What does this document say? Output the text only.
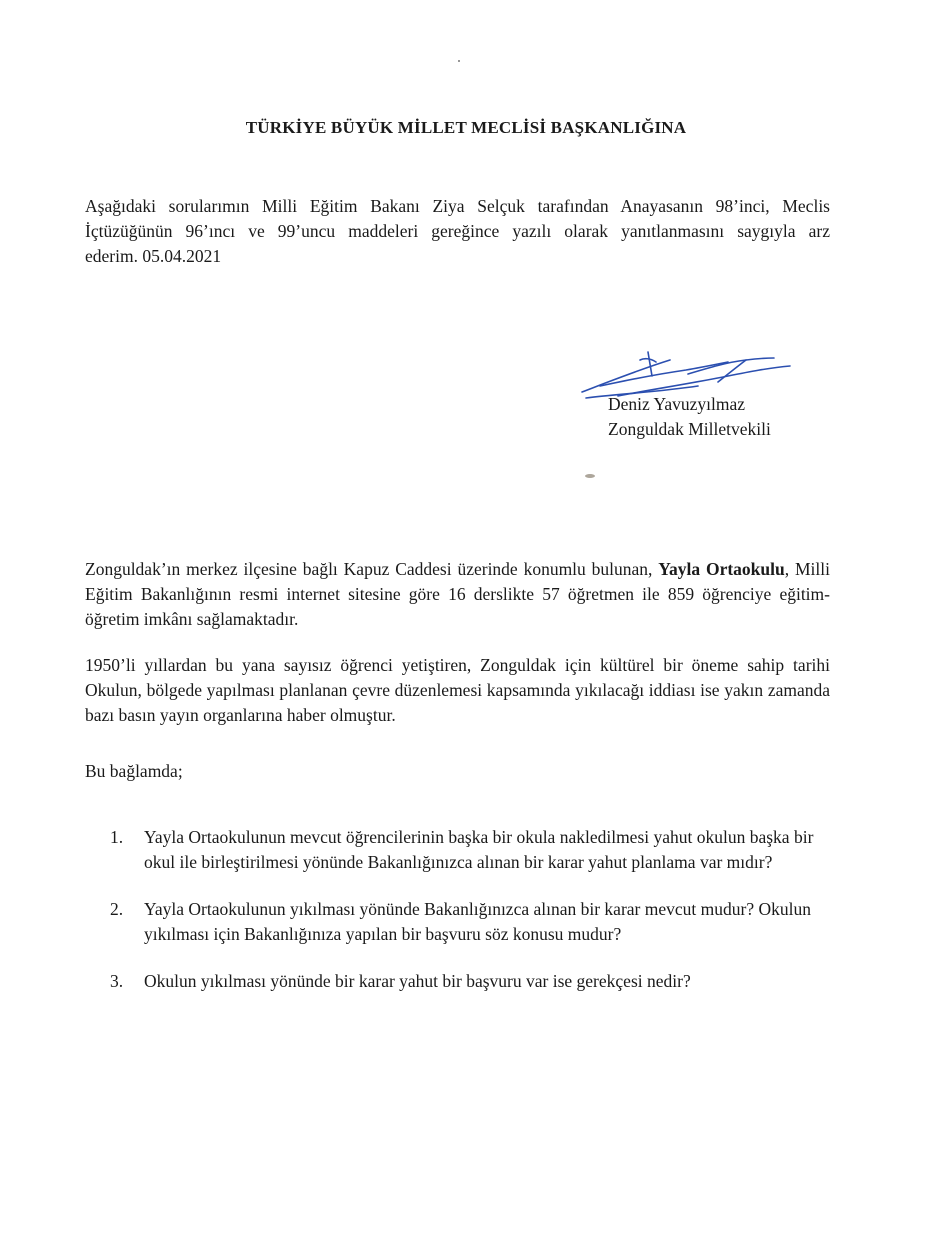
TÜRKİYE BÜYÜK MİLLET MECLİSİ BAŞKANLIĞINA
Aşağıdaki sorularımın Milli Eğitim Bakanı Ziya Selçuk tarafından Anayasanın 98’inci, Meclis
İçtüzüğünün 96’ıncı ve 99’uncu maddeleri gereğince yazılı olarak yanıtlanmasını saygıyla arz
ederim. 05.04.2021
Deniz Yavuzyılmaz
Zonguldak Milletvekili
Zonguldak’ın merkez ilçesine bağlı Kapuz Caddesi üzerinde konumlu bulunan, Yayla Ortaokulu, Milli Eğitim Bakanlığının resmi internet sitesine göre 16 derslikte 57 öğretmen ile 859 öğrenciye eğitim-öğretim imkânı sağlamaktadır.
1950’li yıllardan bu yana sayısız öğrenci yetiştiren, Zonguldak için kültürel bir öneme sahip tarihi Okulun, bölgede yapılması planlanan çevre düzenlemesi kapsamında yıkılacağı iddiası ise yakın zamanda bazı basın yayın organlarına haber olmuştur.
Bu bağlamda;
1. Yayla Ortaokulunun mevcut öğrencilerinin başka bir okula nakledilmesi yahut okulun başka bir okul ile birleştirilmesi yönünde Bakanlığınızca alınan bir karar yahut planlama var mıdır?
2. Yayla Ortaokulunun yıkılması yönünde Bakanlığınızca alınan bir karar mevcut mudur? Okulun yıkılması için Bakanlığınıza yapılan bir başvuru söz konusu mudur?
3. Okulun yıkılması yönünde bir karar yahut bir başvuru var ise gerekçesi nedir?
